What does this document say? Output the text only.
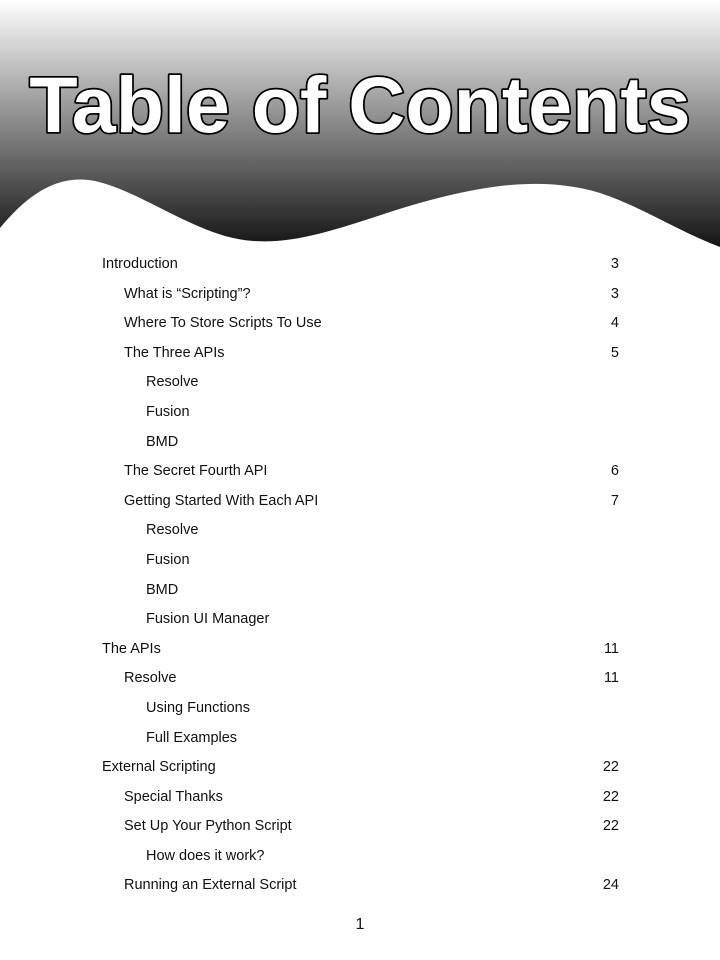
Table of Contents
Introduction	3
What is “Scripting”?	3
Where To Store Scripts To Use	4
The Three APIs	5
Resolve
Fusion
BMD
The Secret Fourth API	6
Getting Started With Each API	7
Resolve
Fusion
BMD
Fusion UI Manager
The APIs	11
Resolve	11
Using Functions
Full Examples
External Scripting	22
Special Thanks	22
Set Up Your Python Script	22
How does it work?
Running an External Script	24
1
